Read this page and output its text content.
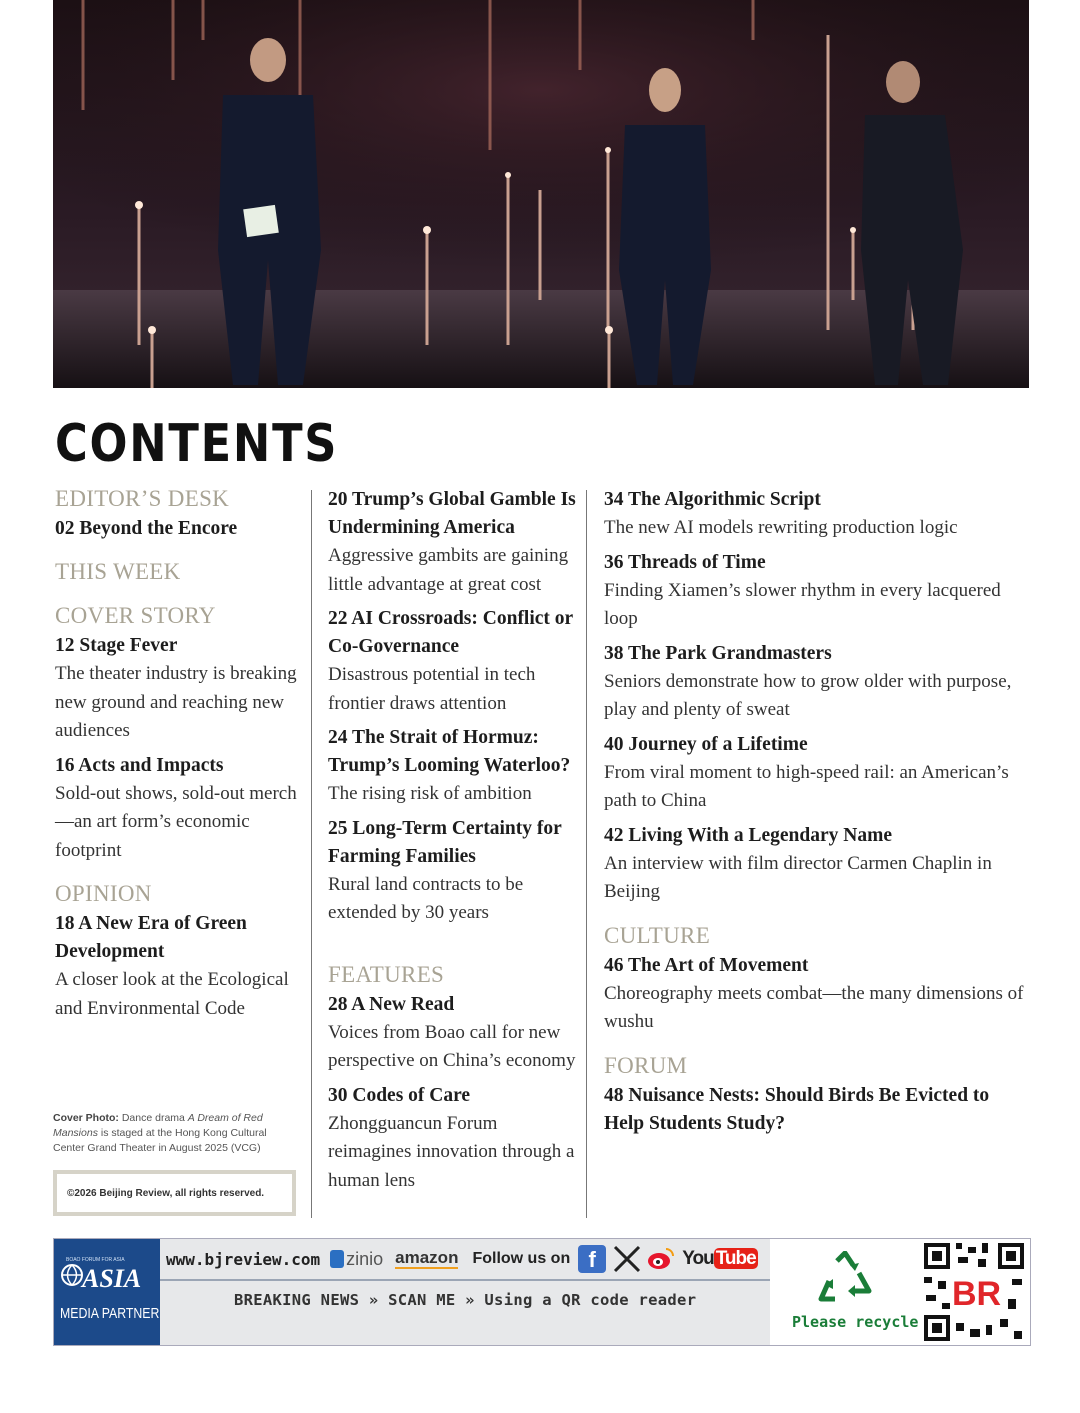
CONTENTS
EDITOR’S DESK
02 Beyond the Encore
THIS WEEK
COVER STORY
12 Stage Fever
The theater industry is breaking new ground and reaching new audiences
16 Acts and Impacts
Sold-out shows, sold-out merch—an art form’s economic footprint
OPINION
18 A New Era of Green Development
A closer look at the Ecological and Environmental Code
20 Trump’s Global Gamble Is Undermining America
Aggressive gambits are gaining little advantage at great cost
22 AI Crossroads: Conflict or Co-Governance
Disastrous potential in tech frontier draws attention
24 The Strait of Hormuz: Trump’s Looming Waterloo?
The rising risk of ambition
25 Long-Term Certainty for Farming Families
Rural land contracts to be extended by 30 years
FEATURES
28 A New Read
Voices from Boao call for new perspective on China’s economy
30 Codes of Care
Zhongguancun Forum reimagines innovation through a human lens
34 The Algorithmic Script
The new AI models rewriting production logic
36 Threads of Time
Finding Xiamen’s slower rhythm in every lacquered loop
38 The Park Grandmasters
Seniors demonstrate how to grow older with purpose, play and plenty of sweat
40 Journey of a Lifetime
From viral moment to high-speed rail: an American’s path to China
42 Living With a Legendary Name
An interview with film director Carmen Chaplin in Beijing
CULTURE
46 The Art of Movement
Choreography meets combat—the many dimensions of wushu
FORUM
48 Nuisance Nests: Should Birds Be Evicted to Help Students Study?
Cover Photo: Dance drama A Dream of Red Mansions is staged at the Hong Kong Cultural Center Grand Theater in August 2025 (VCG)
©2026 Beijing Review, all rights reserved.
BOAO FORUM FOR ASIA
ASIA
MEDIA PARTNER
www.bjreview.com zinio amazon Follow us on f	You Tube
BREAKING NEWS » SCAN ME » Using a QR code reader
Please recycle
BR
